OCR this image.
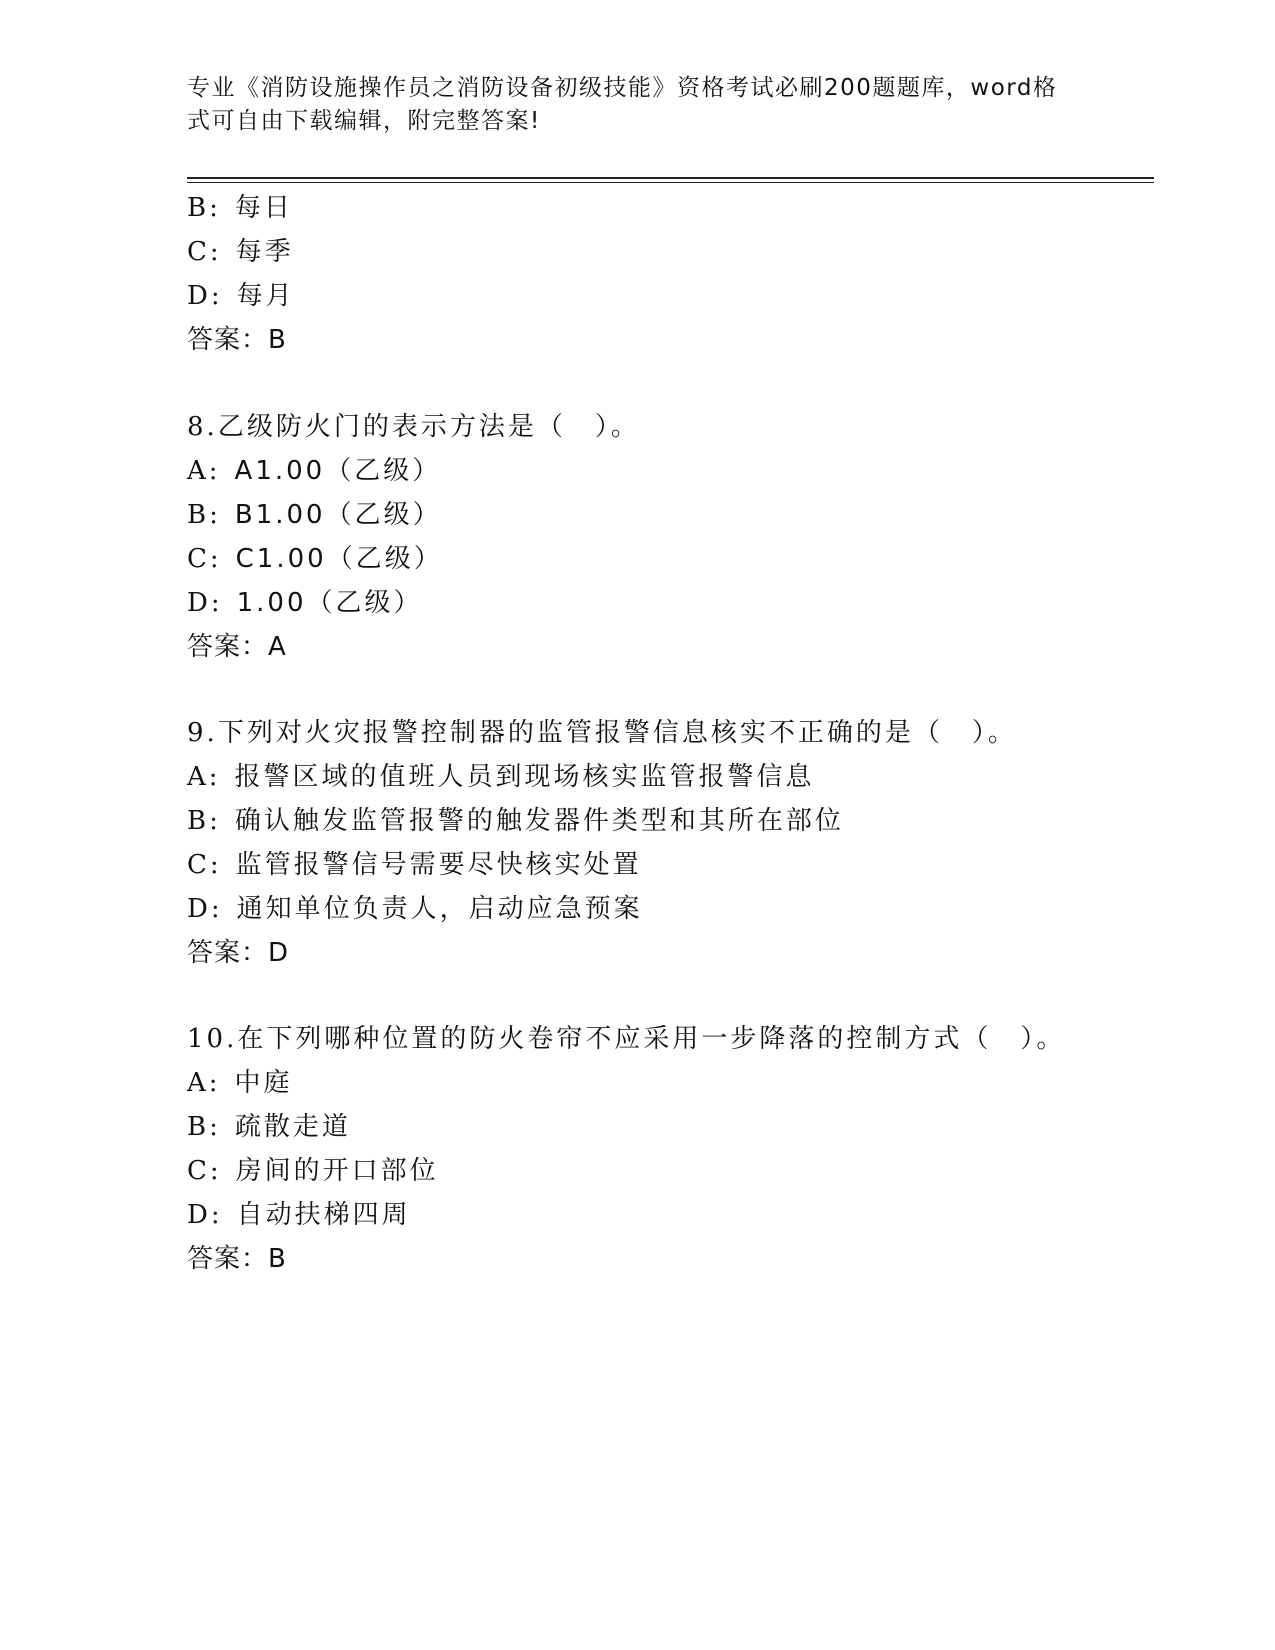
专业《消防设施操作员之消防设备初级技能》资格考试必刷200题题库，word格式可自由下载编辑，附完整答案!
B: 每日
C: 每季
D: 每月
答案：B
8.乙级防火门的表示方法是（　）。
A: A1.00（乙级）
B: B1.00（乙级）
C: C1.00（乙级）
D: 1.00（乙级）
答案：A
9.下列对火灾报警控制器的监管报警信息核实不正确的是（　）。
A: 报警区域的值班人员到现场核实监管报警信息
B: 确认触发监管报警的触发器件类型和其所在部位
C: 监管报警信号需要尽快核实处置
D: 通知单位负责人，启动应急预案
答案：D
10.在下列哪种位置的防火卷帘不应采用一步降落的控制方式（　）。
A: 中庭
B: 疏散走道
C: 房间的开口部位
D: 自动扶梯四周
答案：B
